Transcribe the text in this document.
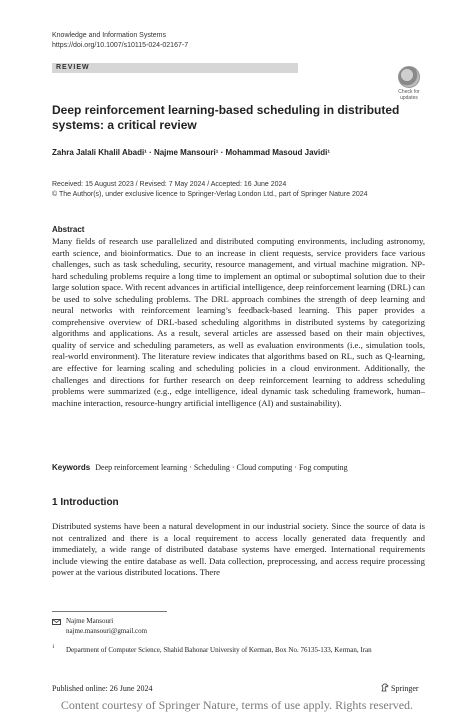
Knowledge and Information Systems
https://doi.org/10.1007/s10115-024-02167-7
REVIEW
Check for
updates
Deep reinforcement learning-based scheduling in distributed systems: a critical review
Zahra Jalali Khalil Abadi¹ · Najme Mansouri¹ · Mohammad Masoud Javidi¹
Received: 15 August 2023 / Revised: 7 May 2024 / Accepted: 16 June 2024
© The Author(s), under exclusive licence to Springer-Verlag London Ltd., part of Springer Nature 2024
Abstract
Many fields of research use parallelized and distributed computing environments, including astronomy, earth science, and bioinformatics. Due to an increase in client requests, service providers face various challenges, such as task scheduling, security, resource management, and virtual machine migration. NP-hard scheduling problems require a long time to implement an optimal or suboptimal solution due to their large solution space. With recent advances in artificial intelligence, deep reinforcement learning (DRL) can be used to solve scheduling problems. The DRL approach combines the strength of deep learning and neural networks with reinforcement learning’s feedback-based learning. This paper provides a comprehensive overview of DRL-based scheduling algorithms in distributed systems by categorizing algorithms and applications. As a result, several articles are assessed based on their main objectives, quality of service and scheduling parameters, as well as evaluation environments (i.e., simulation tools, real-world environment). The literature review indicates that algorithms based on RL, such as Q-learning, are effective for learning scaling and scheduling policies in a cloud environment. Additionally, the challenges and directions for further research on deep reinforcement learning to address scheduling problems were summarized (e.g., edge intelligence, ideal dynamic task scheduling framework, human–machine interaction, resource-hungry artificial intelligence (AI) and sustainability).
Keywords Deep reinforcement learning · Scheduling · Cloud computing · Fog computing
1 Introduction
Distributed systems have been a natural development in our industrial society. Since the source of data is not centralized and there is a local requirement to access locally generated data frequently and immediately, a wide range of distributed database systems have emerged. International requirements include viewing the entire database as well. Data collection, preprocessing, and access require processing power at the various distributed locations. There
Najme Mansouri
najme.mansouri@gmail.com
1 Department of Computer Science, Shahid Bahonar University of Kerman, Box No. 76135-133, Kerman, Iran
Published online: 26 June 2024	Springer
Content courtesy of Springer Nature, terms of use apply. Rights reserved.
